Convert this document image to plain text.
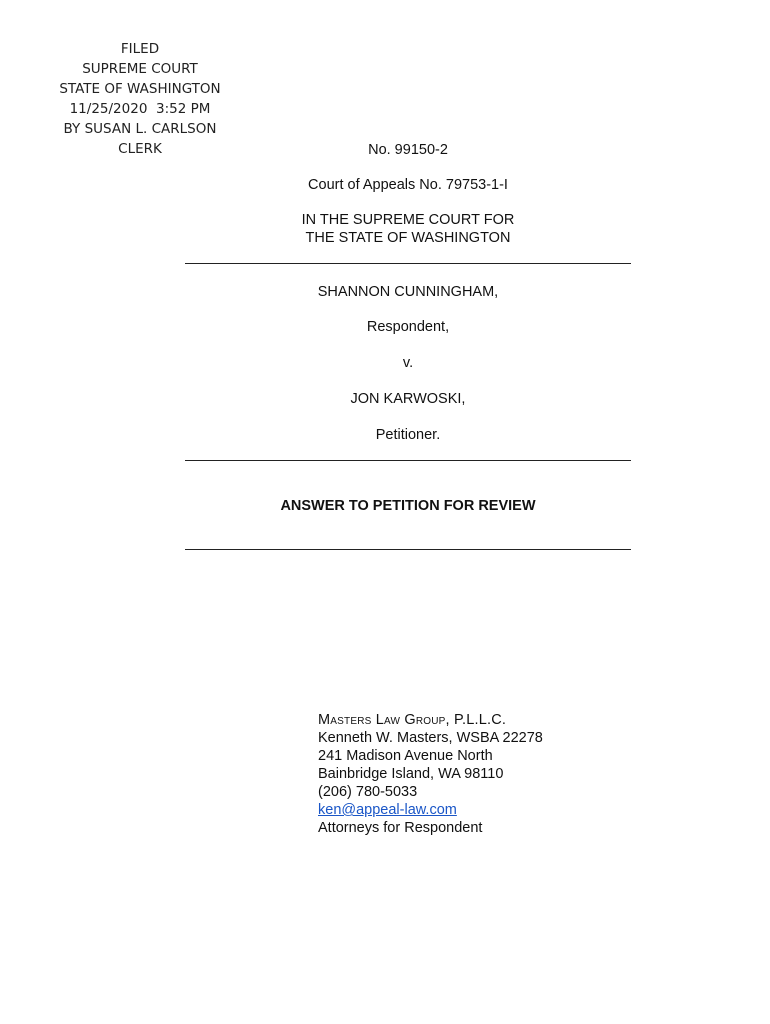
FILED
SUPREME COURT
STATE OF WASHINGTON
11/25/2020  3:52 PM
BY SUSAN L. CARLSON
CLERK	No. 99150-2
Court of Appeals No. 79753-1-I
IN THE SUPREME COURT FOR
THE STATE OF WASHINGTON
SHANNON CUNNINGHAM,
Respondent,
v.
JON KARWOSKI,
Petitioner.
ANSWER TO PETITION FOR REVIEW
Masters Law Group, P.L.L.C.
Kenneth W. Masters, WSBA 22278
241 Madison Avenue North
Bainbridge Island, WA 98110
(206) 780-5033
ken@appeal-law.com
Attorneys for Respondent
